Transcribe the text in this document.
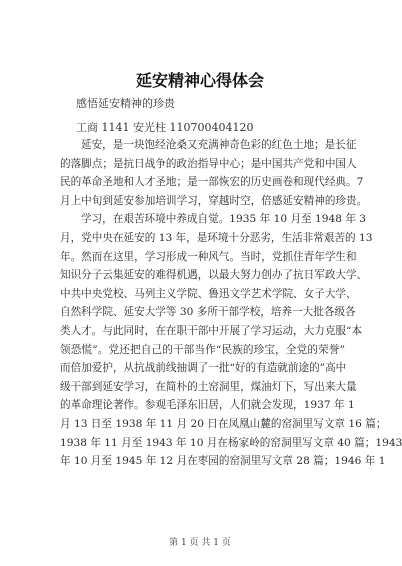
延安精神心得体会
感悟延安精神的珍贵
工商 1141 安光柱 110700404120
延安，是一块饱经沧桑又充满神奇色彩的红色土地；是长征
的落脚点；是抗日战争的政治指导中心；是中国共产党和中国人
民的革命圣地和人才圣地；是一部恢宏的历史画卷和现代经典。7
月上中旬到延安参加培训学习，穿越时空，倍感延安精神的珍贵。
学习，在艰苦环境中养成自觉。1935 年 10 月至 1948 年 3
月，党中央在延安的 13 年，是环境十分恶劣，生活非常艰苦的 13
年。然而在这里，学习形成一种风气。当时，党抓住青年学生和
知识分子云集延安的难得机遇，以最大努力创办了抗日军政大学、
中共中央党校、马列主义学院、鲁迅文学艺术学院、女子大学、
自然科学院、延安大学等 30 多所干部学校，培养一大批各级各
类人才。与此同时，在在职干部中开展了学习运动，大力克服“本
领恐慌”。党还把自己的干部当作“民族的珍宝，全党的荣誉”
而倍加爱护，从抗战前线抽调了一批“好的有造就前途的”高中
级干部到延安学习，在简朴的土窑洞里，煤油灯下，写出来大量
的革命理论著作。参观毛泽东旧居，人们就会发现，1937 年 1
月 13 日至 1938 年 11 月 20 日在凤凰山麓的窑洞里写文章 16 篇；
1938 年 11 月至 1943 年 10 月在杨家岭的窑洞里写文章 40 篇；1943
年 10 月至 1945 年 12 月在枣园的窑洞里写文章 28 篇；1946 年 1
第 1 页 共 1 页
